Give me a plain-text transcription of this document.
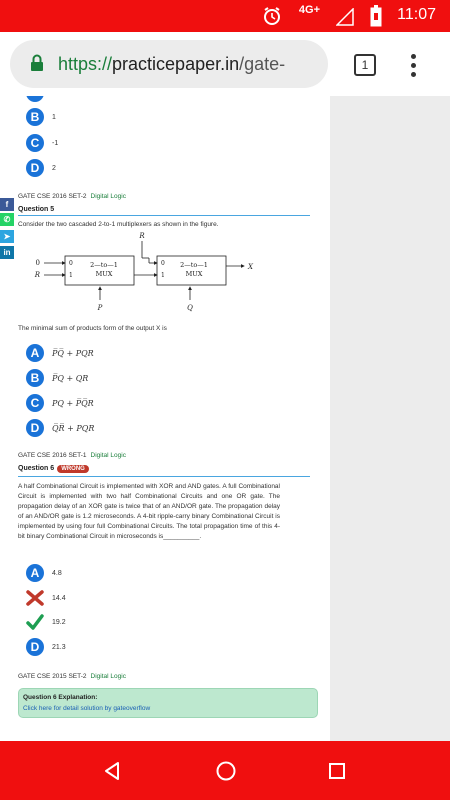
4G+	11:07
https://practicepaper.in/gate-	1
f
✆
➤
in
B	1
C	-1
D	2
GATE CSE 2016 SET-2 Digital Logic
Question 5
Consider the two cascaded 2-to-1 multiplexers as shown in the figure.
R
0
R
0
1
2—to—1
MUX
P
0
1
2—to—1
MUX
Q
X
The minimal sum of products form of the output X is
A	P̅Q̅ + PQR
B	P̅Q + QR
C	PQ + P̅Q̅R
D	Q̅R̅ + PQR
GATE CSE 2016 SET-1 Digital Logic
Question 6 WRONG
A half Combinational Circuit is implemented with XOR and AND gates. A full Combinational Circuit is implemented with two half Combinational Circuits and one OR gate. The propagation delay of an XOR gate is twice that of an AND/OR gate. The propagation delay of an AND/OR gate is 1.2 microseconds. A 4-bit ripple-carry binary Combinational Circuit is implemented by using four full Combinational Circuits. The total propagation time of this 4-bit binary Combinational Circuit in microseconds is__________.
A	4.8
14.4
19.2
D	21.3
GATE CSE 2015 SET-2 Digital Logic
Question 6 Explanation:
Click here for detail solution by gateoverflow
